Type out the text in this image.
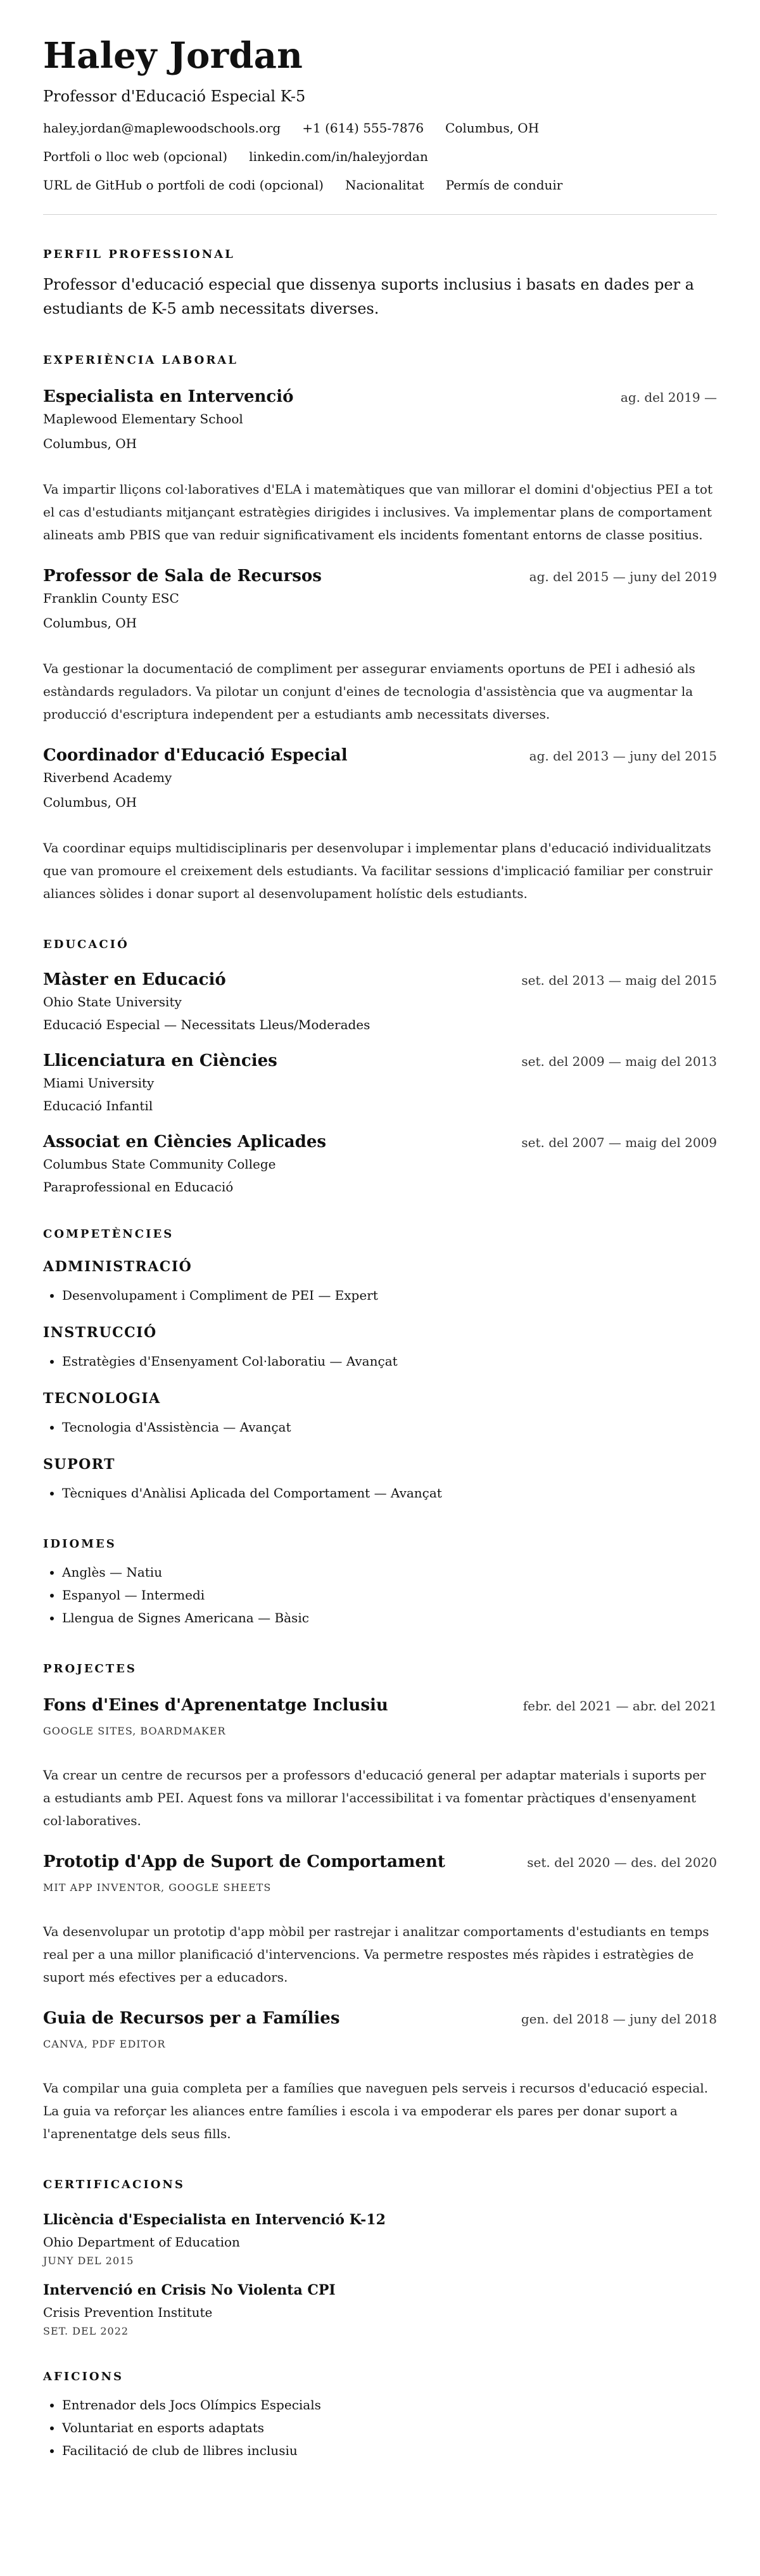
Haley Jordan
Professor d'Educació Especial K-5
haley.jordan@maplewoodschools.org +1 (614) 555-7876 Columbus, OH
Portfoli o lloc web (opcional) linkedin.com/in/haleyjordan
URL de GitHub o portfoli de codi (opcional) Nacionalitat Permís de conduir
PERFIL PROFESSIONAL
Professor d'educació especial que dissenya suports inclusius i basats en dades per a estudiants de K-5 amb necessitats diverses.
EXPERIÈNCIA LABORAL
Especialista en Intervenció	ag. del 2019 —
Maplewood Elementary School
Columbus, OH
Va impartir lliçons col·laboratives d'ELA i matemàtiques que van millorar el domini d'objectius PEI a tot el cas d'estudiants mitjançant estratègies dirigides i inclusives. Va implementar plans de comportament alineats amb PBIS que van reduir significativament els incidents fomentant entorns de classe positius.
Professor de Sala de Recursos	ag. del 2015 — juny del 2019
Franklin County ESC
Columbus, OH
Va gestionar la documentació de compliment per assegurar enviaments oportuns de PEI i adhesió als estàndards reguladors. Va pilotar un conjunt d'eines de tecnologia d'assistència que va augmentar la producció d'escriptura independent per a estudiants amb necessitats diverses.
Coordinador d'Educació Especial	ag. del 2013 — juny del 2015
Riverbend Academy
Columbus, OH
Va coordinar equips multidisciplinaris per desenvolupar i implementar plans d'educació individualitzats que van promoure el creixement dels estudiants. Va facilitar sessions d'implicació familiar per construir aliances sòlides i donar suport al desenvolupament holístic dels estudiants.
EDUCACIÓ
Màster en Educació	set. del 2013 — maig del 2015
Ohio State University
Educació Especial — Necessitats Lleus/Moderades
Llicenciatura en Ciències	set. del 2009 — maig del 2013
Miami University
Educació Infantil
Associat en Ciències Aplicades	set. del 2007 — maig del 2009
Columbus State Community College
Paraprofessional en Educació
COMPETÈNCIES
ADMINISTRACIÓ
• Desenvolupament i Compliment de PEI — Expert
INSTRUCCIÓ
• Estratègies d'Ensenyament Col·laboratiu — Avançat
TECNOLOGIA
• Tecnologia d'Assistència — Avançat
SUPORT
• Tècniques d'Anàlisi Aplicada del Comportament — Avançat
IDIOMES
• Anglès — Natiu
• Espanyol — Intermedi
• Llengua de Signes Americana — Bàsic
PROJECTES
Fons d'Eines d'Aprenentatge Inclusiu	febr. del 2021 — abr. del 2021
GOOGLE SITES, BOARDMAKER
Va crear un centre de recursos per a professors d'educació general per adaptar materials i suports per a estudiants amb PEI. Aquest fons va millorar l'accessibilitat i va fomentar pràctiques d'ensenyament col·laboratives.
Prototip d'App de Suport de Comportament	set. del 2020 — des. del 2020
MIT APP INVENTOR, GOOGLE SHEETS
Va desenvolupar un prototip d'app mòbil per rastrejar i analitzar comportaments d'estudiants en temps real per a una millor planificació d'intervencions. Va permetre respostes més ràpides i estratègies de suport més efectives per a educadors.
Guia de Recursos per a Famílies	gen. del 2018 — juny del 2018
CANVA, PDF EDITOR
Va compilar una guia completa per a famílies que naveguen pels serveis i recursos d'educació especial. La guia va reforçar les aliances entre famílies i escola i va empoderar els pares per donar suport a l'aprenentatge dels seus fills.
CERTIFICACIONS
Llicència d'Especialista en Intervenció K-12
Ohio Department of Education
JUNY DEL 2015
Intervenció en Crisis No Violenta CPI
Crisis Prevention Institute
SET. DEL 2022
AFICIONS
• Entrenador dels Jocs Olímpics Especials
• Voluntariat en esports adaptats
• Facilitació de club de llibres inclusiu
